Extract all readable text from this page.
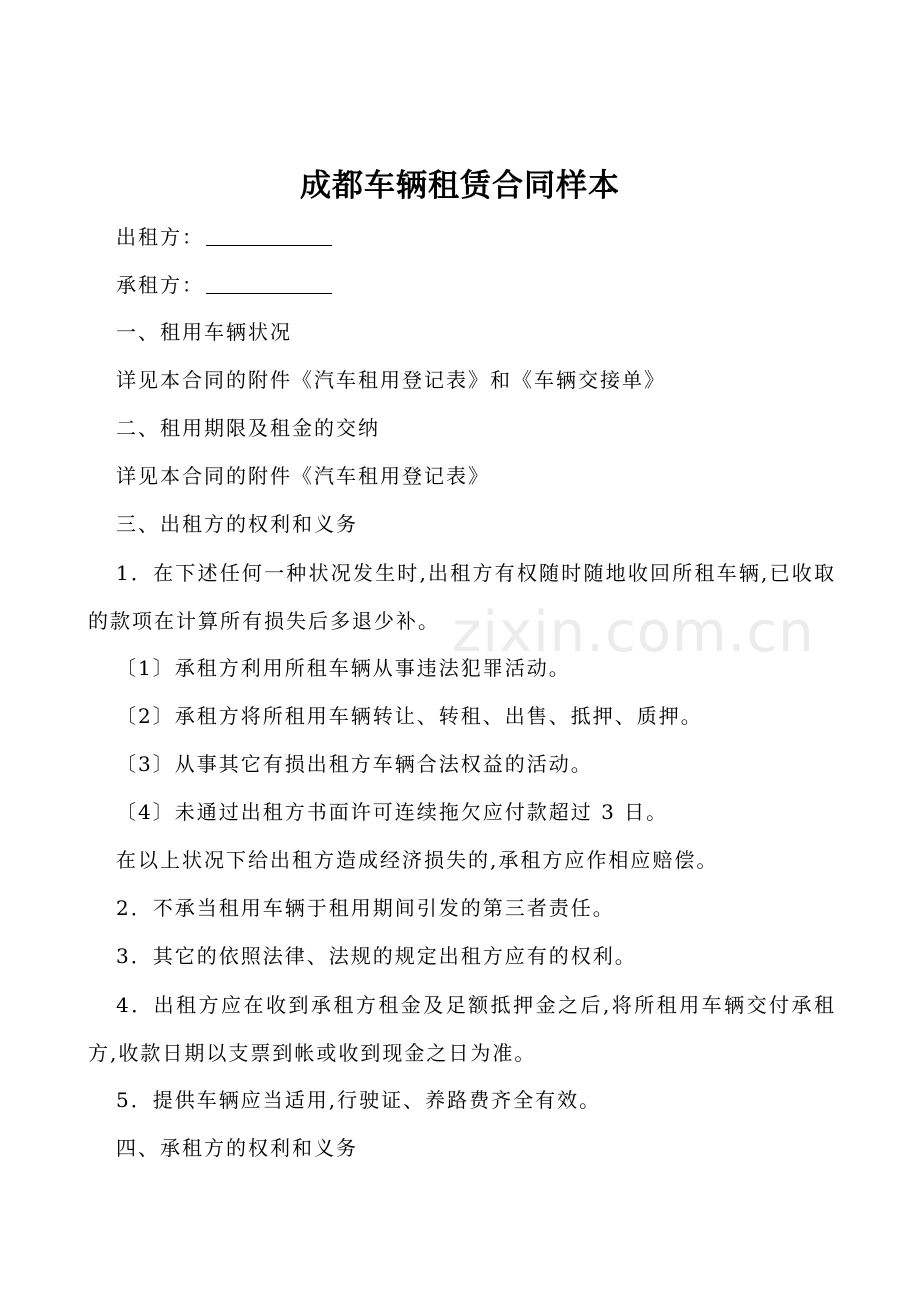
zixin.com.cn
成都车辆租赁合同样本
出租方：
承租方：
一、租用车辆状况
详见本合同的附件《汽车租用登记表》和《车辆交接单》
二、租用期限及租金的交纳
详见本合同的附件《汽车租用登记表》
三、出租方的权利和义务
1．在下述任何一种状况发生时,出租方有权随时随地收回所租车辆,已收取的款项在计算所有损失后多退少补。
〔1〕承租方利用所租车辆从事违法犯罪活动。
〔2〕承租方将所租用车辆转让、转租、出售、抵押、质押。
〔3〕从事其它有损出租方车辆合法权益的活动。
〔4〕未通过出租方书面许可连续拖欠应付款超过 3 日。
在以上状况下给出租方造成经济损失的,承租方应作相应赔偿。
2．不承当租用车辆于租用期间引发的第三者责任。
3．其它的依照法律、法规的规定出租方应有的权利。
4．出租方应在收到承租方租金及足额抵押金之后,将所租用车辆交付承租方,收款日期以支票到帐或收到现金之日为准。
5．提供车辆应当适用,行驶证、养路费齐全有效。
四、承租方的权利和义务
